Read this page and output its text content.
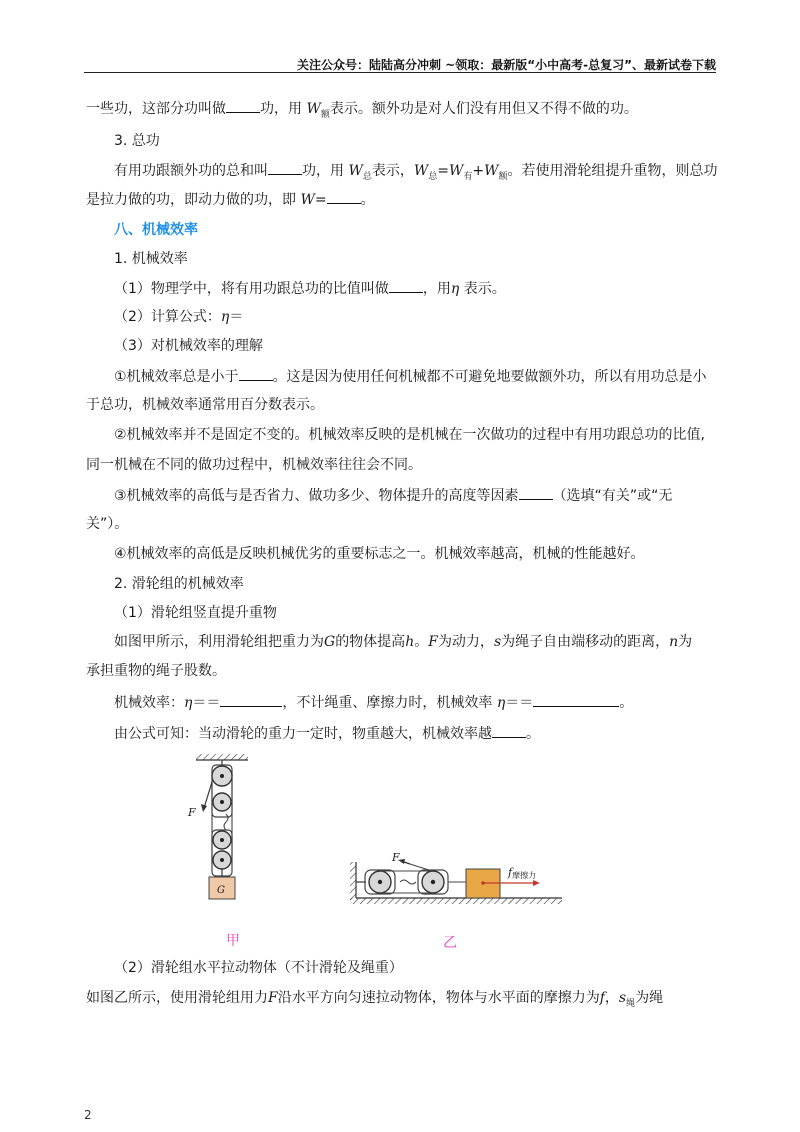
关注公众号：陆陆高分冲刺 ~领取：最新版“小中高考-总复习”、最新试卷下载
一些功，这部分功叫做 功，用 $W_额$表示。额外功是对人们没有用但又不得不做的功。
3. 总功
有用功跟额外功的总和叫 功，用 $W_总$表示，$W_总=W_有+W_额$。若使用滑轮组提升重物，则总功
是拉力做的功，即动力做的功，即 W= 。
八、机械效率
1. 机械效率
（1）物理学中，将有用功跟总功的比值叫做 ，用η 表示。
（2）计算公式：η＝
（3）对机械效率的理解
①机械效率总是小于 。这是因为使用任何机械都不可避免地要做额外功，所以有用功总是小
于总功，机械效率通常用百分数表示。
②机械效率并不是固定不变的。机械效率反映的是机械在一次做功的过程中有用功跟总功的比值,
同一机械在不同的做功过程中，机械效率往往会不同。
③机械效率的高低与是否省力、做功多少、物体提升的高度等因素 （选填“有关”或“无
关”）。
④机械效率的高低是反映机械优劣的重要标志之一。机械效率越高，机械的性能越好。
2. 滑轮组的机械效率
（1）滑轮组竖直提升重物
如图甲所示，利用滑轮组把重力为G的物体提高h。F为动力，s为绳子自由端移动的距离，n为
承担重物的绳子股数。
机械效率：η＝＝	，不计绳重、摩擦力时，机械效率 η＝＝	。
由公式可知：当动滑轮的重力一定时，物重越大，机械效率越 。
（2）滑轮组水平拉动物体（不计滑轮及绳重）
如图乙所示，使用滑轮组用力F沿水平方向匀速拉动物体，物体与水平面的摩擦力为f，$s_绳$为绳
F
G
F
f摩擦力
甲	乙
2
